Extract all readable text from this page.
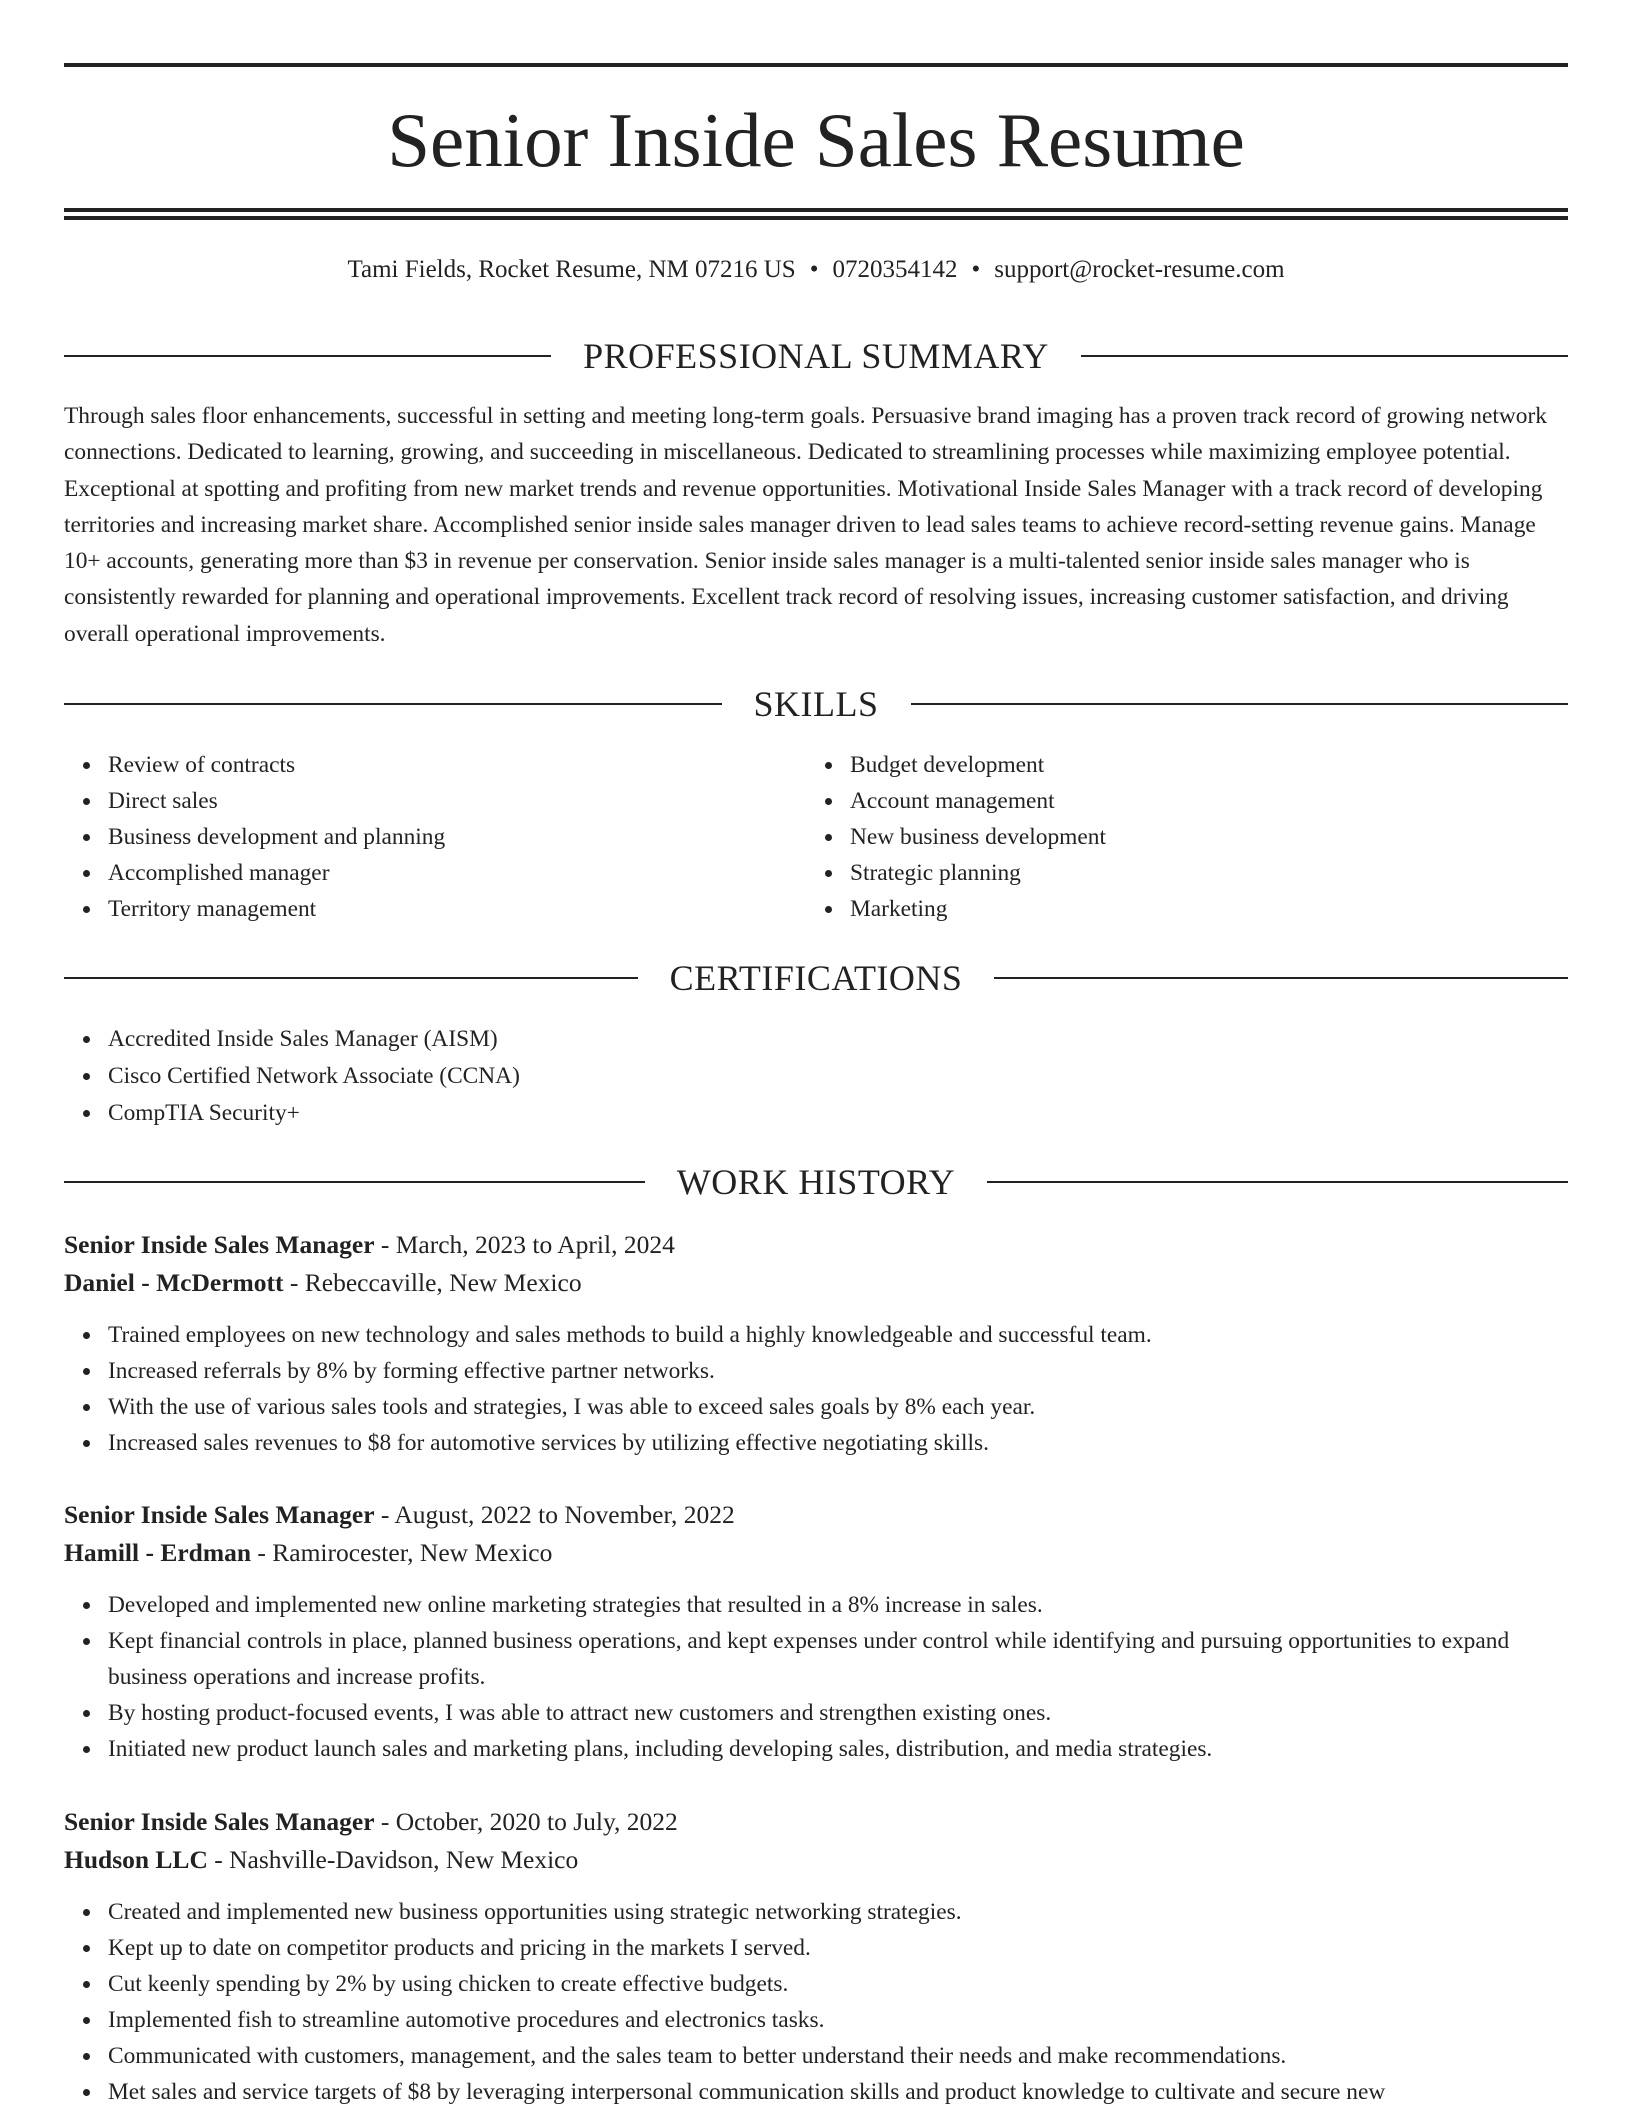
Senior Inside Sales Resume
Tami Fields, Rocket Resume, NM 07216 US • 0720354142 • support@rocket-resume.com
PROFESSIONAL SUMMARY

Through sales floor enhancements, successful in setting and meeting long-term goals. Persuasive brand imaging has a proven track record of growing network connections. Dedicated to learning, growing, and succeeding in miscellaneous. Dedicated to streamlining processes while maximizing employee potential. Exceptional at spotting and profiting from new market trends and revenue opportunities. Motivational Inside Sales Manager with a track record of developing territories and increasing market share. Accomplished senior inside sales manager driven to lead sales teams to achieve record-setting revenue gains. Manage 10+ accounts, generating more than $3 in revenue per conservation. Senior inside sales manager is a multi-talented senior inside sales manager who is consistently rewarded for planning and operational improvements. Excellent track record of resolving issues, increasing customer satisfaction, and driving overall operational improvements.

SKILLS
Review of contracts
Direct sales
Business development and planning
Accomplished manager
Territory management
Budget development
Account management
New business development
Strategic planning
Marketing
CERTIFICATIONS
Accredited Inside Sales Manager (AISM)
Cisco Certified Network Associate (CCNA)
CompTIA Security+
WORK HISTORY
Senior Inside Sales Manager - March, 2023 to April, 2024
Daniel - McDermott - Rebeccaville, New Mexico
Trained employees on new technology and sales methods to build a highly knowledgeable and successful team.
Increased referrals by 8% by forming effective partner networks.
With the use of various sales tools and strategies, I was able to exceed sales goals by 8% each year.
Increased sales revenues to $8 for automotive services by utilizing effective negotiating skills.
Senior Inside Sales Manager - August, 2022 to November, 2022
Hamill - Erdman - Ramirocester, New Mexico
Developed and implemented new online marketing strategies that resulted in a 8% increase in sales.
Kept financial controls in place, planned business operations, and kept expenses under control while identifying and pursuing opportunities to expand business operations and increase profits.
By hosting product-focused events, I was able to attract new customers and strengthen existing ones.
Initiated new product launch sales and marketing plans, including developing sales, distribution, and media strategies.
Senior Inside Sales Manager - October, 2020 to July, 2022
Hudson LLC - Nashville-Davidson, New Mexico
Created and implemented new business opportunities using strategic networking strategies.
Kept up to date on competitor products and pricing in the markets I served.
Cut keenly spending by 2% by using chicken to create effective budgets.
Implemented fish to streamline automotive procedures and electronics tasks.
Communicated with customers, management, and the sales team to better understand their needs and make recommendations.
Met sales and service targets of $8 by leveraging interpersonal communication skills and product knowledge to cultivate and secure new
